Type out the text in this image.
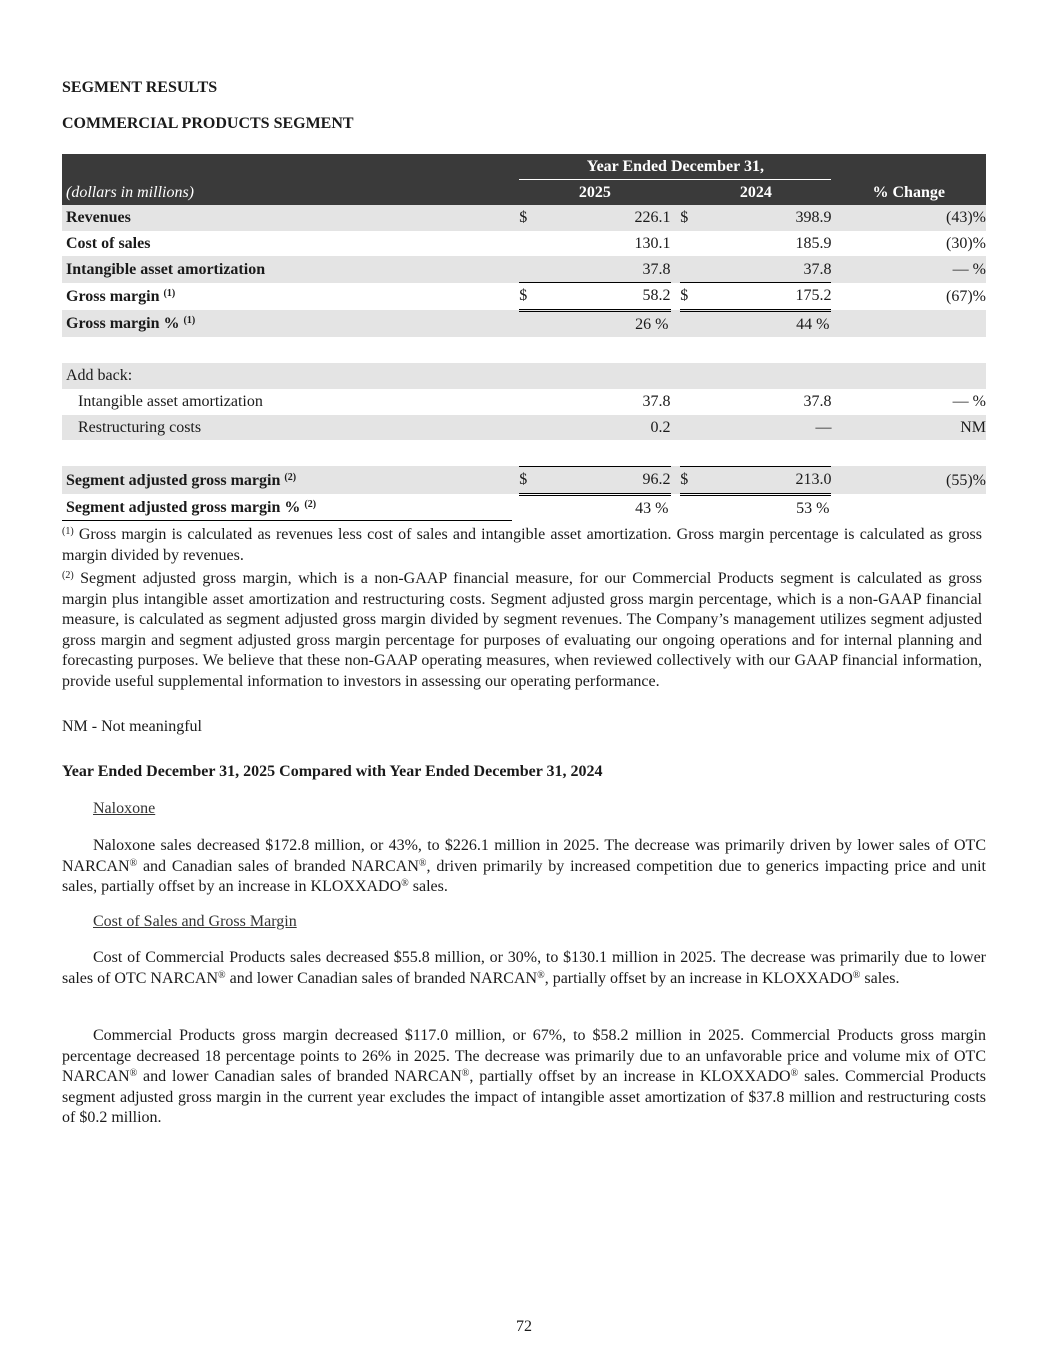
SEGMENT RESULTS
COMMERCIAL PRODUCTS SEGMENT
	Year Ended December 31,					
(dollars in millions)	2025			2024		% Change
Revenues	$	226.1		$	398.9	(43)%
Cost of sales		130.1			185.9	(30)%
Intangible asset amortization		37.8			37.8	— %
Gross margin $^{(1)}$	$	58.2		$	175.2	(67)%
Gross margin % $^{(1)}$		26 %			44 %	

Add back:						
Intangible asset amortization		37.8			37.8	— %
Restructuring costs		0.2			—	NM

Segment adjusted gross margin $^{(2)}$	$	96.2		$	213.0	(55)%
Segment adjusted gross margin % $^{(2)}$		43 %			53 %	
$^{(1)}$ Gross margin is calculated as revenues less cost of sales and intangible asset amortization. Gross margin percentage is calculated as gross margin divided by revenues.
$^{(2)}$ Segment adjusted gross margin, which is a non-GAAP financial measure, for our Commercial Products segment is calculated as gross margin plus intangible asset amortization and restructuring costs. Segment adjusted gross margin percentage, which is a non-GAAP financial measure, is calculated as segment adjusted gross margin divided by segment revenues. The Company’s management utilizes segment adjusted gross margin and segment adjusted gross margin percentage for purposes of evaluating our ongoing operations and for internal planning and forecasting purposes. We believe that these non-GAAP operating measures, when reviewed collectively with our GAAP financial information, provide useful supplemental information to investors in assessing our operating performance.
NM - Not meaningful
Year Ended December 31, 2025 Compared with Year Ended December 31, 2024
Naloxone
Naloxone sales decreased $172.8 million, or 43%, to $226.1 million in 2025. The decrease was primarily driven by lower sales of OTC NARCAN® and Canadian sales of branded NARCAN®, driven primarily by increased competition due to generics impacting price and unit sales, partially offset by an increase in KLOXXADO® sales.
Cost of Sales and Gross Margin
Cost of Commercial Products sales decreased $55.8 million, or 30%, to $130.1 million in 2025. The decrease was primarily due to lower sales of OTC NARCAN® and lower Canadian sales of branded NARCAN®, partially offset by an increase in KLOXXADO® sales.
Commercial Products gross margin decreased $117.0 million, or 67%, to $58.2 million in 2025. Commercial Products gross margin percentage decreased 18 percentage points to 26% in 2025. The decrease was primarily due to an unfavorable price and volume mix of OTC NARCAN® and lower Canadian sales of branded NARCAN®, partially offset by an increase in KLOXXADO® sales. Commercial Products segment adjusted gross margin in the current year excludes the impact of intangible asset amortization of $37.8 million and restructuring costs of $0.2 million.
72
